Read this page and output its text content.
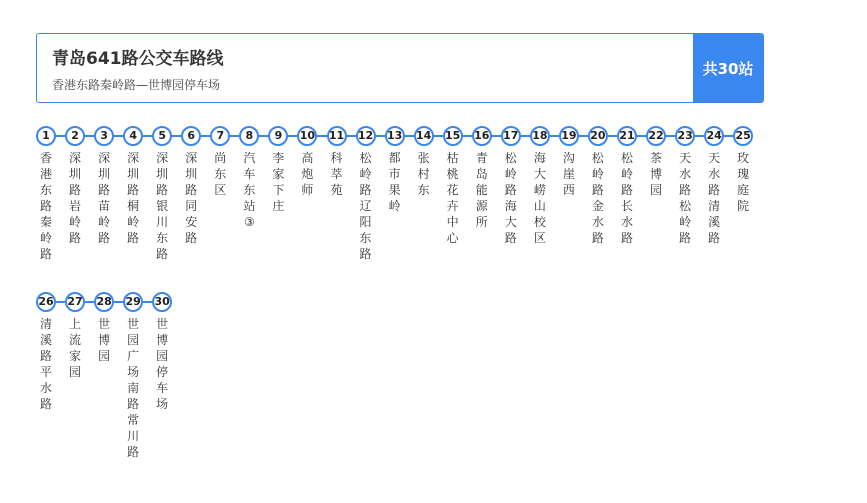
青岛641路公交车路线
香港东路秦岭路—世博园停车场
共30站
1
香港东路秦岭路
2
深圳路岩岭路
3
深圳路苗岭路
4
深圳路桐岭路
5
深圳路银川东路
6
深圳路同安路
7
尚东区
8
汽车东站③
9
李家下庄
10
高炮师
11
科萃苑
12
松岭路辽阳东路
13
都市果岭
14
张村东
15
枯桃花卉中心
16
青岛能源所
17
松岭路海大路
18
海大崂山校区
19
沟崖西
20
松岭路金水路
21
松岭路长水路
22
茶博园
23
天水路松岭路
24
天水路清溪路
25
玫瑰庭院
26
清溪路平水路
27
上流家园
28
世博园
29
世园广场南路常川路
30
世博园停车场
